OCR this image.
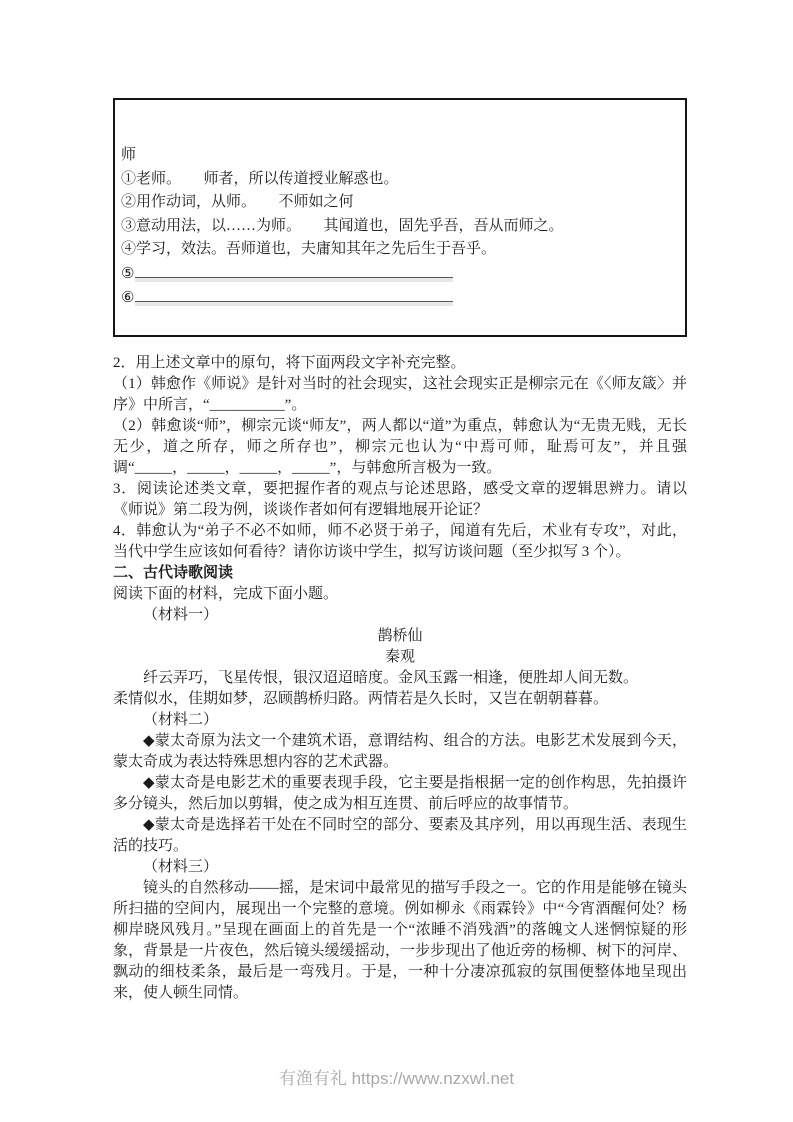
师

①老师。　　师者，所以传道授业解惑也。

②用作动词，从师。　　不师如之何

③意动用法，以……为师。　　其闻道也，固先乎吾，吾从而师之。

④学习，效法。吾师道也，夫庸知其年之先后生于吾乎。

⑤

⑥

2．用上述文章中的原句，将下面两段文字补充完整。

（1）韩愈作《师说》是针对当时的社会现实，这社会现实正是柳宗元在《〈师友箴〉并序》中所言，“__________”。

（2）韩愈谈“师”，柳宗元谈“师友”，两人都以“道”为重点，韩愈认为“无贵无贱，无长无少，道之所存，师之所存也”，柳宗元也认为“中焉可师，耻焉可友”，并且强调“_____，_____，_____，_____”，与韩愈所言极为一致。

3．阅读论述类文章，要把握作者的观点与论述思路，感受文章的逻辑思辨力。请以《师说》第二段为例，谈谈作者如何有逻辑地展开论证？

4．韩愈认为“弟子不必不如师，师不必贤于弟子，闻道有先后，术业有专攻”，对此，当代中学生应该如何看待？请你访谈中学生，拟写访谈问题（至少拟写 3 个）。

二、古代诗歌阅读

阅读下面的材料，完成下面小题。

（材料一）

鹊桥仙

秦观

纤云弄巧，飞星传恨，银汉迢迢暗度。金风玉露一相逢，便胜却人间无数。

柔情似水，佳期如梦，忍顾鹊桥归路。两情若是久长时，又岂在朝朝暮暮。

（材料二）

◆蒙太奇原为法文一个建筑术语，意谓结构、组合的方法。电影艺术发展到今天，蒙太奇成为表达特殊思想内容的艺术武器。

◆蒙太奇是电影艺术的重要表现手段，它主要是指根据一定的创作构思，先拍摄许多分镜头，然后加以剪辑，使之成为相互连贯、前后呼应的故事情节。

◆蒙太奇是选择若干处在不同时空的部分、要素及其序列，用以再现生活、表现生活的技巧。

（材料三）

镜头的自然移动——摇，是宋词中最常见的描写手段之一。它的作用是能够在镜头所扫描的空间内，展现出一个完整的意境。例如柳永《雨霖铃》中“今宵酒醒何处？杨柳岸晓风残月。”呈现在画面上的首先是一个“浓睡不消残酒”的落魄文人迷惘惊疑的形象，背景是一片夜色，然后镜头缓缓摇动，一步步现出了他近旁的杨柳、树下的河岸、飘动的细枝柔条，最后是一弯残月。于是，一种十分凄凉孤寂的氛围便整体地呈现出来，使人顿生同情。

有渔有礼 https://www.nzxwl.net
